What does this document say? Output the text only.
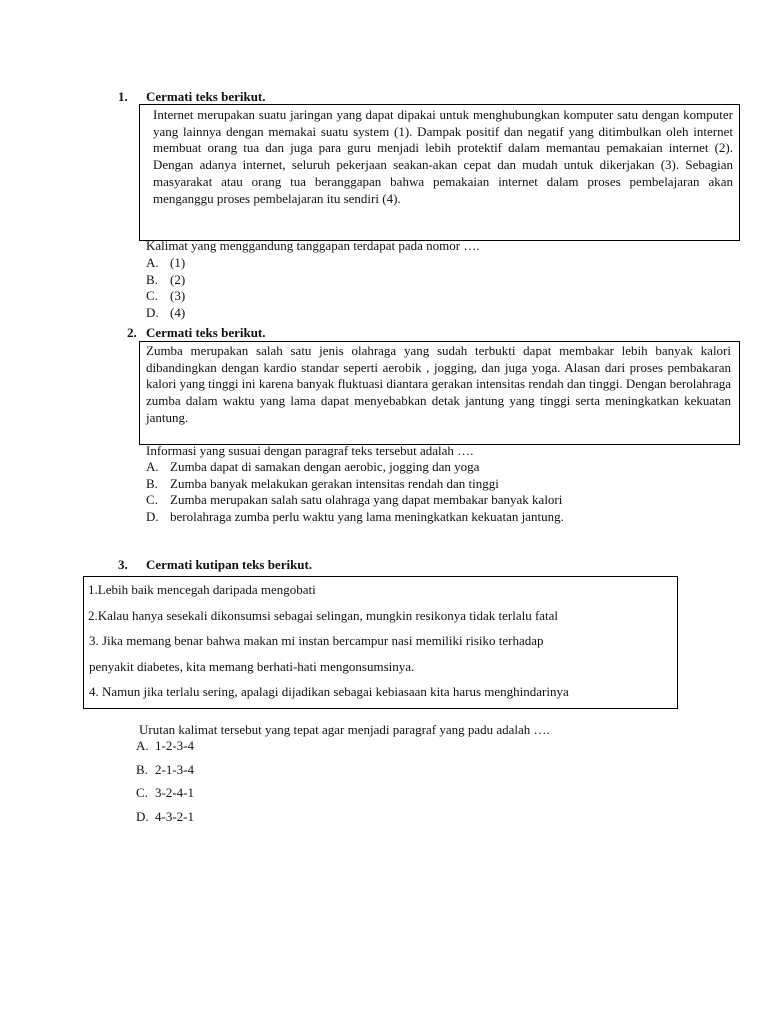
1. Cermati teks berikut.

Internet merupakan suatu jaringan yang dapat dipakai untuk menghubungkan komputer satu dengan komputer yang lainnya dengan memakai suatu system (1). Dampak positif dan negatif yang ditimbulkan oleh internet membuat orang tua dan juga para guru menjadi lebih protektif dalam memantau pemakaian internet (2). Dengan adanya internet, seluruh pekerjaan seakan-akan cepat dan mudah untuk dikerjakan (3). Sebagian masyarakat atau orang tua beranggapan bahwa pemakaian internet dalam proses pembelajaran akan menganggu proses pembelajaran itu sendiri (4).

Kalimat yang menggandung tanggapan terdapat pada nomor ….
A. (1)
B. (2)
C. (3)
D. (4)
2. Cermati teks berikut.

Zumba merupakan salah satu jenis olahraga yang sudah terbukti dapat membakar lebih banyak kalori dibandingkan dengan kardio standar seperti aerobik , jogging, dan juga yoga. Alasan dari proses pembakaran kalori yang tinggi ini karena banyak fluktuasi diantara gerakan intensitas rendah dan tinggi. Dengan berolahraga zumba dalam waktu yang lama dapat menyebabkan detak jantung yang tinggi serta meningkatkan kekuatan jantung.

Informasi yang susuai dengan paragraf teks tersebut adalah ….
A. Zumba dapat di samakan dengan aerobic, jogging dan yoga
B. Zumba banyak melakukan gerakan intensitas rendah dan tinggi
C. Zumba merupakan salah satu olahraga yang dapat membakar banyak kalori
D. berolahraga zumba perlu waktu yang lama meningkatkan kekuatan jantung.
3. Cermati kutipan teks berikut.
1.Lebih baik mencegah daripada mengobati
2.Kalau hanya sesekali dikonsumsi sebagai selingan, mungkin resikonya tidak terlalu fatal
3. Jika memang benar bahwa makan mi instan bercampur nasi memiliki risiko terhadap
penyakit diabetes, kita memang berhati-hati mengonsumsinya.
4. Namun jika terlalu sering, apalagi dijadikan sebagai kebiasaan kita harus menghindarinya
Urutan kalimat tersebut yang tepat agar menjadi paragraf yang padu adalah ….
A. 1-2-3-4
B. 2-1-3-4
C. 3-2-4-1
D. 4-3-2-1
